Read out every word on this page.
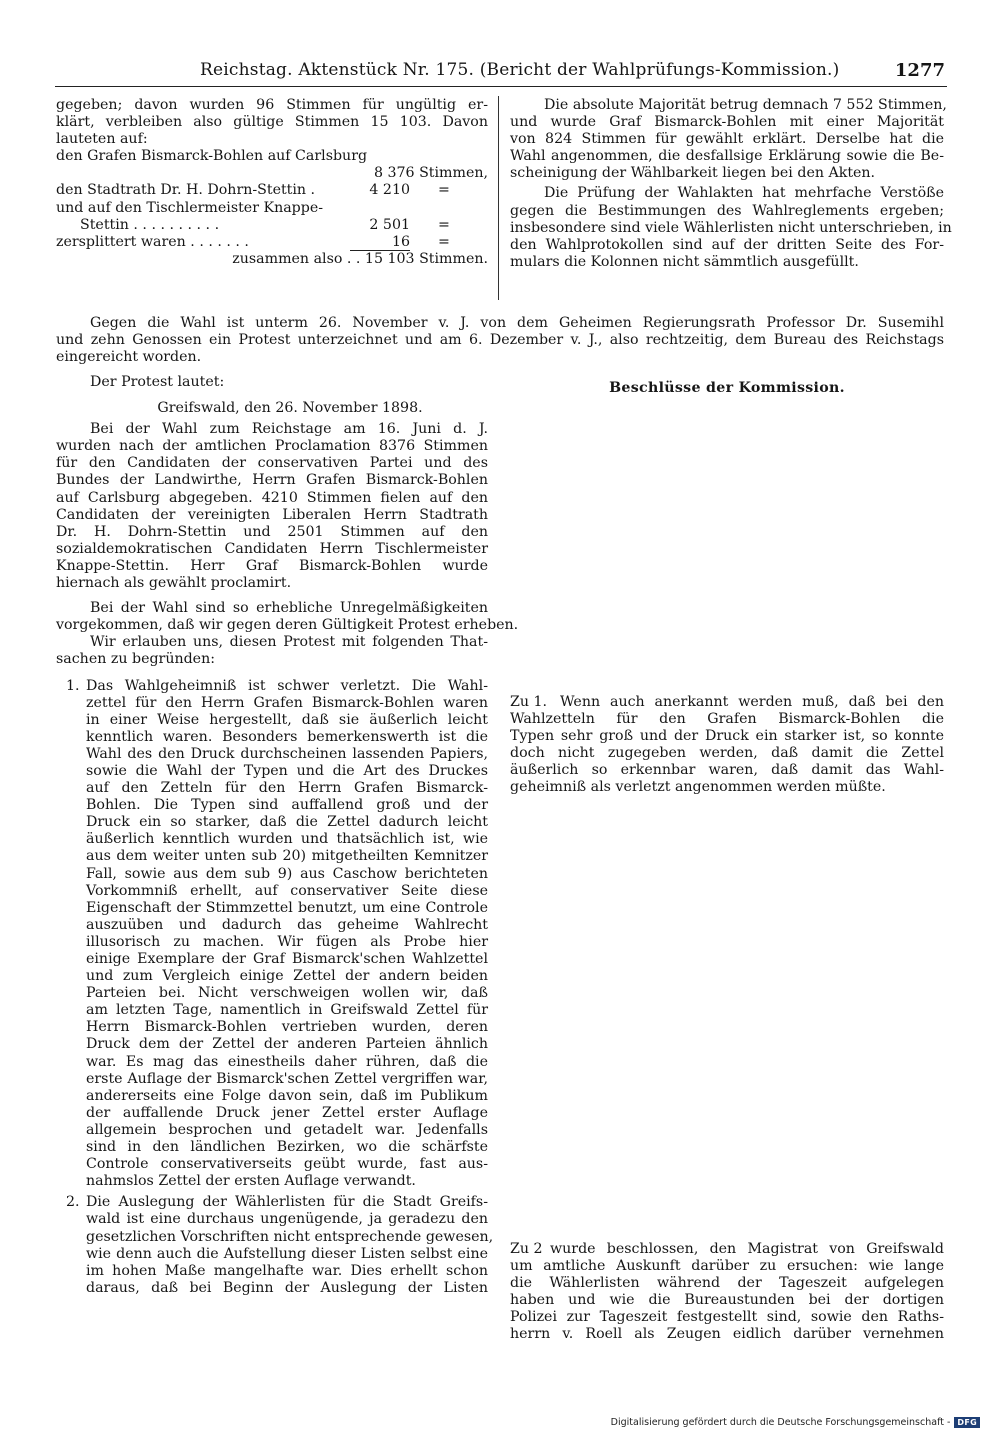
Reichstag. Aktenstück Nr. 175. (Bericht der Wahlprüfungs-Kommission.)	1277
gegeben; davon wurden 96 Stimmen für ungültig er-
klärt, verbleiben also gültige Stimmen 15 103. Davon
lauteten auf:
den Grafen Bismarck-Bohlen auf Carlsburg
8 376 Stimmen,
den Stadtrath Dr. H. Dohrn-Stettin .	4 210	=
und auf den Tischlermeister Knappe-
Stettin . . . . . . . . . .	2 501	=
zersplittert waren . . . . . . .	16	=
zusammen also . . 15 103 Stimmen.
Die absolute Majorität betrug demnach 7 552 Stimmen,
und wurde Graf Bismarck-Bohlen mit einer Majorität
von 824 Stimmen für gewählt erklärt. Derselbe hat die
Wahl angenommen, die desfallsige Erklärung sowie die Be-
scheinigung der Wählbarkeit liegen bei den Akten.
Die Prüfung der Wahlakten hat mehrfache Verstöße
gegen die Bestimmungen des Wahlreglements ergeben;
insbesondere sind viele Wählerlisten nicht unterschrieben, in
den Wahlprotokollen sind auf der dritten Seite des For-
mulars die Kolonnen nicht sämmtlich ausgefüllt.
Gegen die Wahl ist unterm 26. November v. J. von dem Geheimen Regierungsrath Professor Dr. Susemihl
und zehn Genossen ein Protest unterzeichnet und am 6. Dezember v. J., also rechtzeitig, dem Bureau des Reichstags
eingereicht worden.
Der Protest lautet:
Greifswald, den 26. November 1898.
Bei der Wahl zum Reichstage am 16. Juni d. J.
wurden nach der amtlichen Proclamation 8376 Stimmen
für den Candidaten der conservativen Partei und des
Bundes der Landwirthe, Herrn Grafen Bismarck-Bohlen
auf Carlsburg abgegeben. 4210 Stimmen fielen auf den
Candidaten der vereinigten Liberalen Herrn Stadtrath
Dr. H. Dohrn-Stettin und 2501 Stimmen auf den
sozialdemokratischen Candidaten Herrn Tischlermeister
Knappe-Stettin. Herr Graf Bismarck-Bohlen wurde
hiernach als gewählt proclamirt.
Bei der Wahl sind so erhebliche Unregelmäßigkeiten
vorgekommen, daß wir gegen deren Gültigkeit Protest erheben.
Wir erlauben uns, diesen Protest mit folgenden That-
sachen zu begründen:
1. Das Wahlgeheimniß ist schwer verletzt. Die Wahl-
zettel für den Herrn Grafen Bismarck-Bohlen waren
in einer Weise hergestellt, daß sie äußerlich leicht
kenntlich waren. Besonders bemerkenswerth ist die
Wahl des den Druck durchscheinen lassenden Papiers,
sowie die Wahl der Typen und die Art des Druckes
auf den Zetteln für den Herrn Grafen Bismarck-
Bohlen. Die Typen sind auffallend groß und der
Druck ein so starker, daß die Zettel dadurch leicht
äußerlich kenntlich wurden und thatsächlich ist, wie
aus dem weiter unten sub 20) mitgetheilten Kemnitzer
Fall, sowie aus dem sub 9) aus Caschow berichteten
Vorkommniß erhellt, auf conservativer Seite diese
Eigenschaft der Stimmzettel benutzt, um eine Controle
auszuüben und dadurch das geheime Wahlrecht
illusorisch zu machen. Wir fügen als Probe hier
einige Exemplare der Graf Bismarck'schen Wahlzettel
und zum Vergleich einige Zettel der andern beiden
Parteien bei. Nicht verschweigen wollen wir, daß
am letzten Tage, namentlich in Greifswald Zettel für
Herrn Bismarck-Bohlen vertrieben wurden, deren
Druck dem der Zettel der anderen Parteien ähnlich
war. Es mag das einestheils daher rühren, daß die
erste Auflage der Bismarck'schen Zettel vergriffen war,
andererseits eine Folge davon sein, daß im Publikum
der auffallende Druck jener Zettel erster Auflage
allgemein besprochen und getadelt war. Jedenfalls
sind in den ländlichen Bezirken, wo die schärfste
Controle conservativerseits geübt wurde, fast aus-
nahmslos Zettel der ersten Auflage verwandt.
2. Die Auslegung der Wählerlisten für die Stadt Greifs-
wald ist eine durchaus ungenügende, ja geradezu den
gesetzlichen Vorschriften nicht entsprechende gewesen,
wie denn auch die Aufstellung dieser Listen selbst eine
im hohen Maße mangelhafte war. Dies erhellt schon
daraus, daß bei Beginn der Auslegung der Listen
Beschlüsse der Kommission.
Zu 1. Wenn auch anerkannt werden muß, daß bei den
Wahlzetteln für den Grafen Bismarck-Bohlen die
Typen sehr groß und der Druck ein starker ist, so konnte
doch nicht zugegeben werden, daß damit die Zettel
äußerlich so erkennbar waren, daß damit das Wahl-
geheimniß als verletzt angenommen werden müßte.
Zu 2 wurde beschlossen, den Magistrat von Greifswald
um amtliche Auskunft darüber zu ersuchen: wie lange
die Wählerlisten während der Tageszeit aufgelegen
haben und wie die Bureaustunden bei der dortigen
Polizei zur Tageszeit festgestellt sind, sowie den Raths-
herrn v. Roell als Zeugen eidlich darüber vernehmen
Digitalisierung gefördert durch die Deutsche Forschungsgemeinschaft - DFG
